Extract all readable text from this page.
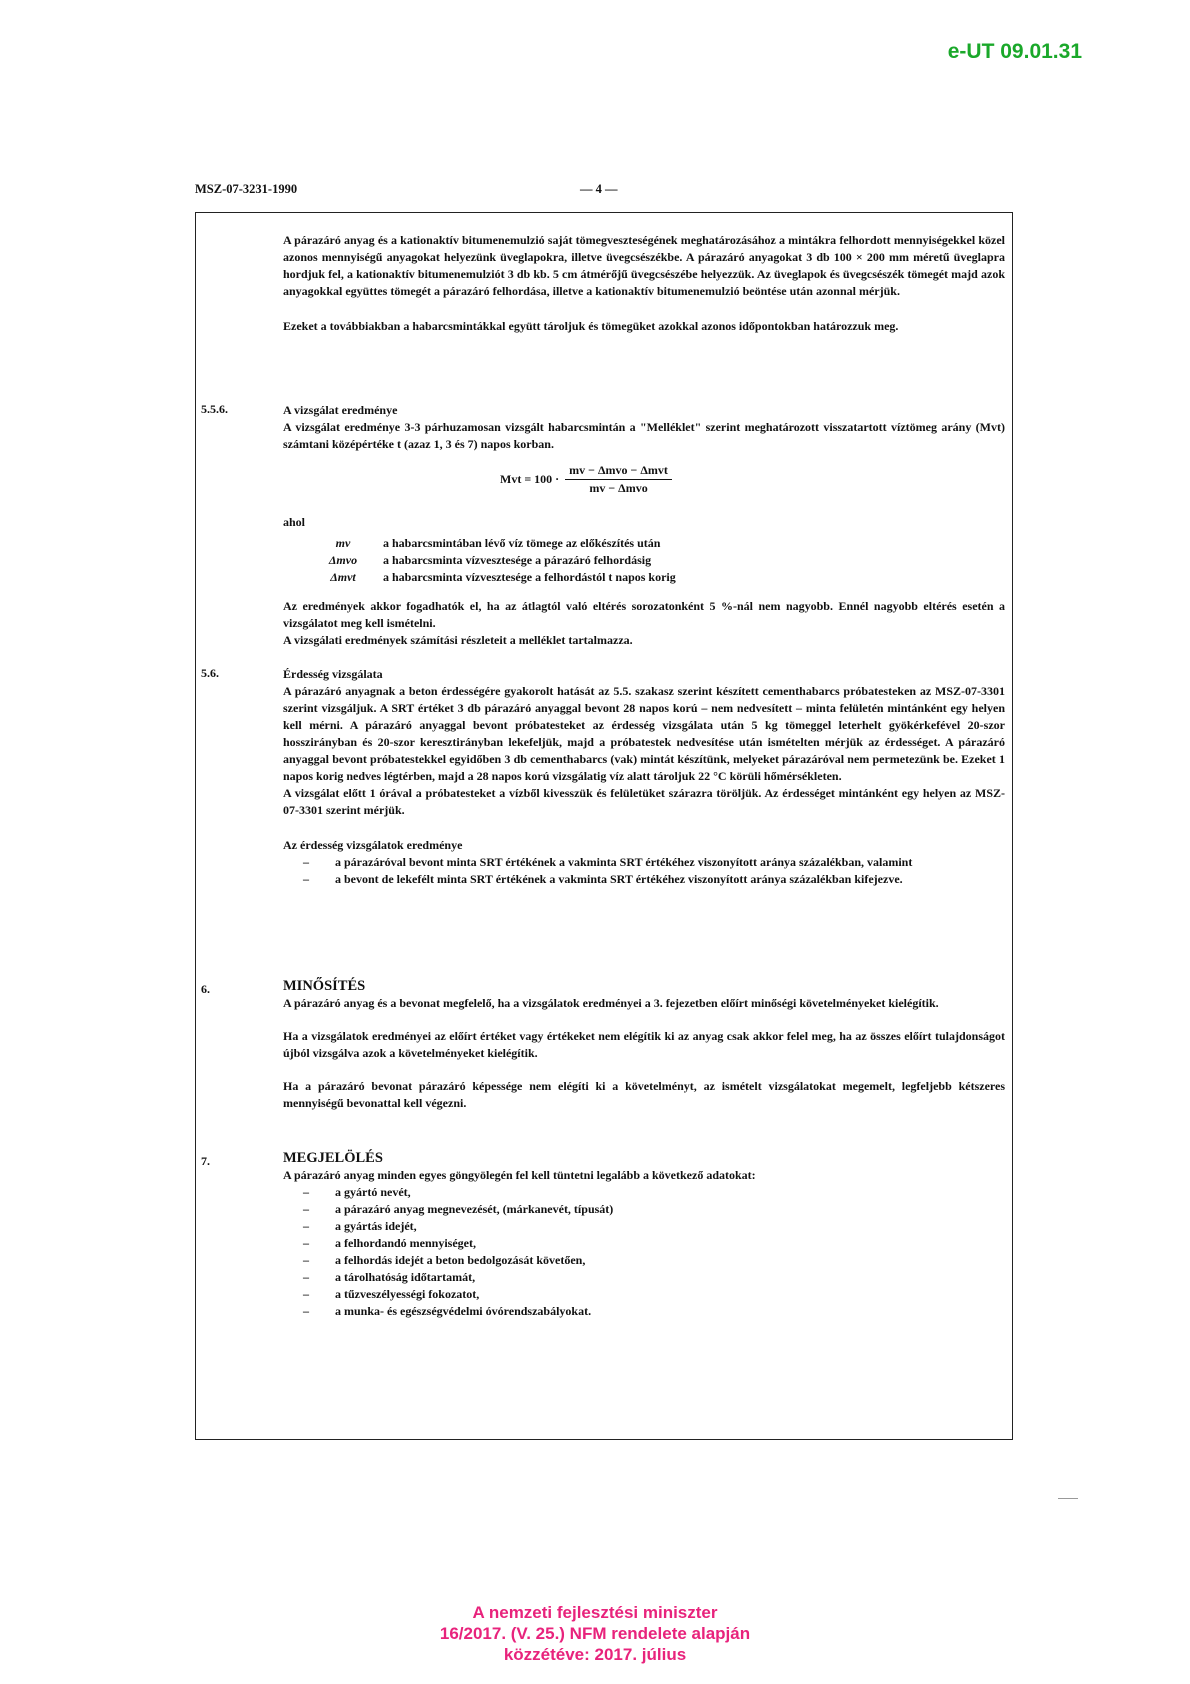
e-UT 09.01.31
MSZ-07-3231-1990	— 4 —
A párazáró anyag és a kationaktív bitumenemulzió saját tömegveszteségének meghatározásához a mintákra felhordott mennyiségekkel közel azonos mennyiségű anyagokat helyezünk üveglapokra, illetve üvegcsészékbe. A párazáró anyagokat 3 db 100 × 200 mm méretű üveglapra hordjuk fel, a kationaktív bitumenemulziót 3 db kb. 5 cm átmérőjű üvegcsészébe helyezzük. Az üveglapok és üvegcsészék tömegét majd azok anyagokkal együttes tömegét a párazáró felhordása, illetve a kationaktív bitumenemulzió beöntése után azonnal mérjük.
Ezeket a továbbiakban a habarcsmintákkal együtt tároljuk és tömegüket azokkal azonos időpontokban határozzuk meg.
5.5.6.	A vizsgálat eredménye
A vizsgálat eredménye 3-3 párhuzamosan vizsgált habarcsmintán a "Melléklet" szerint meghatározott visszatartott víztömeg arány (Mvt) számtani középértéke t (azaz 1, 3 és 7) napos korban.
Mvt = $100 \cdot \frac{\text{mv − Δmvo − Δmvt}}{\text{mv − Δmvo}}$
ahol
mv	a habarcsmintában lévő víz tömege az előkészítés után
Δmvo	a habarcsminta vízvesztesége a párazáró felhordásig
Δmvt	a habarcsminta vízvesztesége a felhordástól t napos korig
Az eredmények akkor fogadhatók el, ha az átlagtól való eltérés sorozatonként 5 %-nál nem nagyobb. Ennél nagyobb eltérés esetén a vizsgálatot meg kell ismételni.
A vizsgálati eredmények számítási részleteit a melléklet tartalmazza.
5.6.	Érdesség vizsgálata
A párazáró anyagnak a beton érdességére gyakorolt hatását az 5.5. szakasz szerint készített cementhabarcs próbatesteken az MSZ-07-3301 szerint vizsgáljuk. A SRT értéket 3 db párazáró anyaggal bevont 28 napos korú – nem nedvesített – minta felületén mintánként egy helyen kell mérni. A párazáró anyaggal bevont próbatesteket az érdesség vizsgálata után 5 kg tömeggel leterhelt gyökérkefével 20-szor hosszirányban és 20-szor keresztirányban lekefeljük, majd a próbatestek nedvesítése után ismételten mérjük az érdességet. A párazáró anyaggal bevont próbatestekkel egyidőben 3 db cementhabarcs (vak) mintát készítünk, melyeket párazáróval nem permetezünk be. Ezeket 1 napos korig nedves légtérben, majd a 28 napos korú vizsgálatig víz alatt tároljuk 22 °C körüli hőmérsékleten.
A vizsgálat előtt 1 órával a próbatesteket a vízből kivesszük és felületüket szárazra töröljük. Az érdességet mintánként egy helyen az MSZ-07-3301 szerint mérjük.
Az érdesség vizsgálatok eredménye
–	a párazáróval bevont minta SRT értékének a vakminta SRT értékéhez viszonyított aránya százalékban, valamint
–	a bevont de lekefélt minta SRT értékének a vakminta SRT értékéhez viszonyított aránya százalékban kifejezve.
6.	MINŐSÍTÉS
A párazáró anyag és a bevonat megfelelő, ha a vizsgálatok eredményei a 3. fejezetben előírt minőségi követelményeket kielégítik.
Ha a vizsgálatok eredményei az előírt értéket vagy értékeket nem elégítik ki az anyag csak akkor felel meg, ha az összes előírt tulajdonságot újból vizsgálva azok a követelményeket kielégítik.
Ha a párazáró bevonat párazáró képessége nem elégíti ki a követelményt, az ismételt vizsgálatokat megemelt, legfeljebb kétszeres mennyiségű bevonattal kell végezni.
7.	MEGJELÖLÉS
A párazáró anyag minden egyes göngyölegén fel kell tüntetni legalább a következő adatokat:
–	a gyártó nevét,
–	a párazáró anyag megnevezését, (márkanevét, típusát)
–	a gyártás idejét,
–	a felhordandó mennyiséget,
–	a felhordás idejét a beton bedolgozását követően,
–	a tárolhatóság időtartamát,
–	a tűzveszélyességi fokozatot,
–	a munka- és egészségvédelmi óvórendszabályokat.
A nemzeti fejlesztési miniszter
16/2017. (V. 25.) NFM rendelete alapján
közzétéve: 2017. július
